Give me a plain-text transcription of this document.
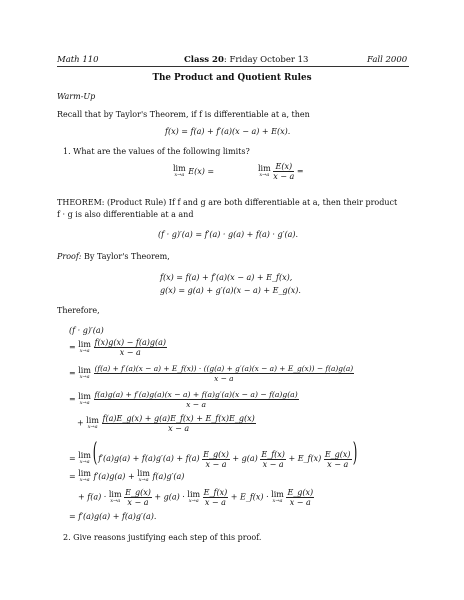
Math 110	Class 20: Friday October 13	Fall 2000
The Product and Quotient Rules
Warm-Up
Recall that by Taylor's Theorem, if f is differentiable at a, then
f(x) = f(a) + f′(a)(x − a) + E(x).
1. What are the values of the following limits?
lim
x→a E(x) =	lim
x→a
$\frac{E(x)}{x - a}$ =
THEOREM: (Product Rule) If f and g are both differentiable at a, then their product
f · g is also differentiable at a and
(f · g)′(a) = f′(a) · g(a) + f(a) · g′(a).
Proof: By Taylor's Theorem,
f(x) = f(a) + f′(a)(x − a) + E_f(x),
g(x) = g(a) + g′(a)(x − a) + E_g(x).
Therefore,
(f · g)′(a)
= lim
x→a
$\frac{f(x)g(x) - f(a)g(a)}{x - a}$
= lim
x→a

(f(a) + f′(a)(x − a) + E_f(x)) · ((g(a) + g′(a)(x − a) + E_g(x)) − f(a)g(a)
x − a
= lim
x→a
$\frac{f(a)g(a) + f'(a)g(a)(x - a) + f(a)g'(a)(x - a) - f(a)g(a)}{x - a}$
+ lim
x→a
$\frac{f(a)E\_g(x) + g(a)E\_f(x) + E\_f(x)E\_g(x)}{x - a}$
= lim
x→a ( $f'(a)g(a) + f(a)g'(a) + f(a) \frac{E\_g(x)}{x - a} + g(a) \frac{E\_f(x)}{x - a}$ + E_f(x) $\frac{E\_g(x)}{x - a}$ )
= lim
x→a f′(a)g(a) + lim
x→a f(a)g′(a)
+ f(a) · lim
x→a
$\frac{E\_g(x)}{x - a} + g(a) \cdot \lim$
x→a
$\frac{E\_f(x)}{x - a}$ + E_f(x) · lim
x→a
$\frac{E\_g(x)}{x - a}$
= f′(a)g(a) + f(a)g′(a).
2. Give reasons justifying each step of this proof.
